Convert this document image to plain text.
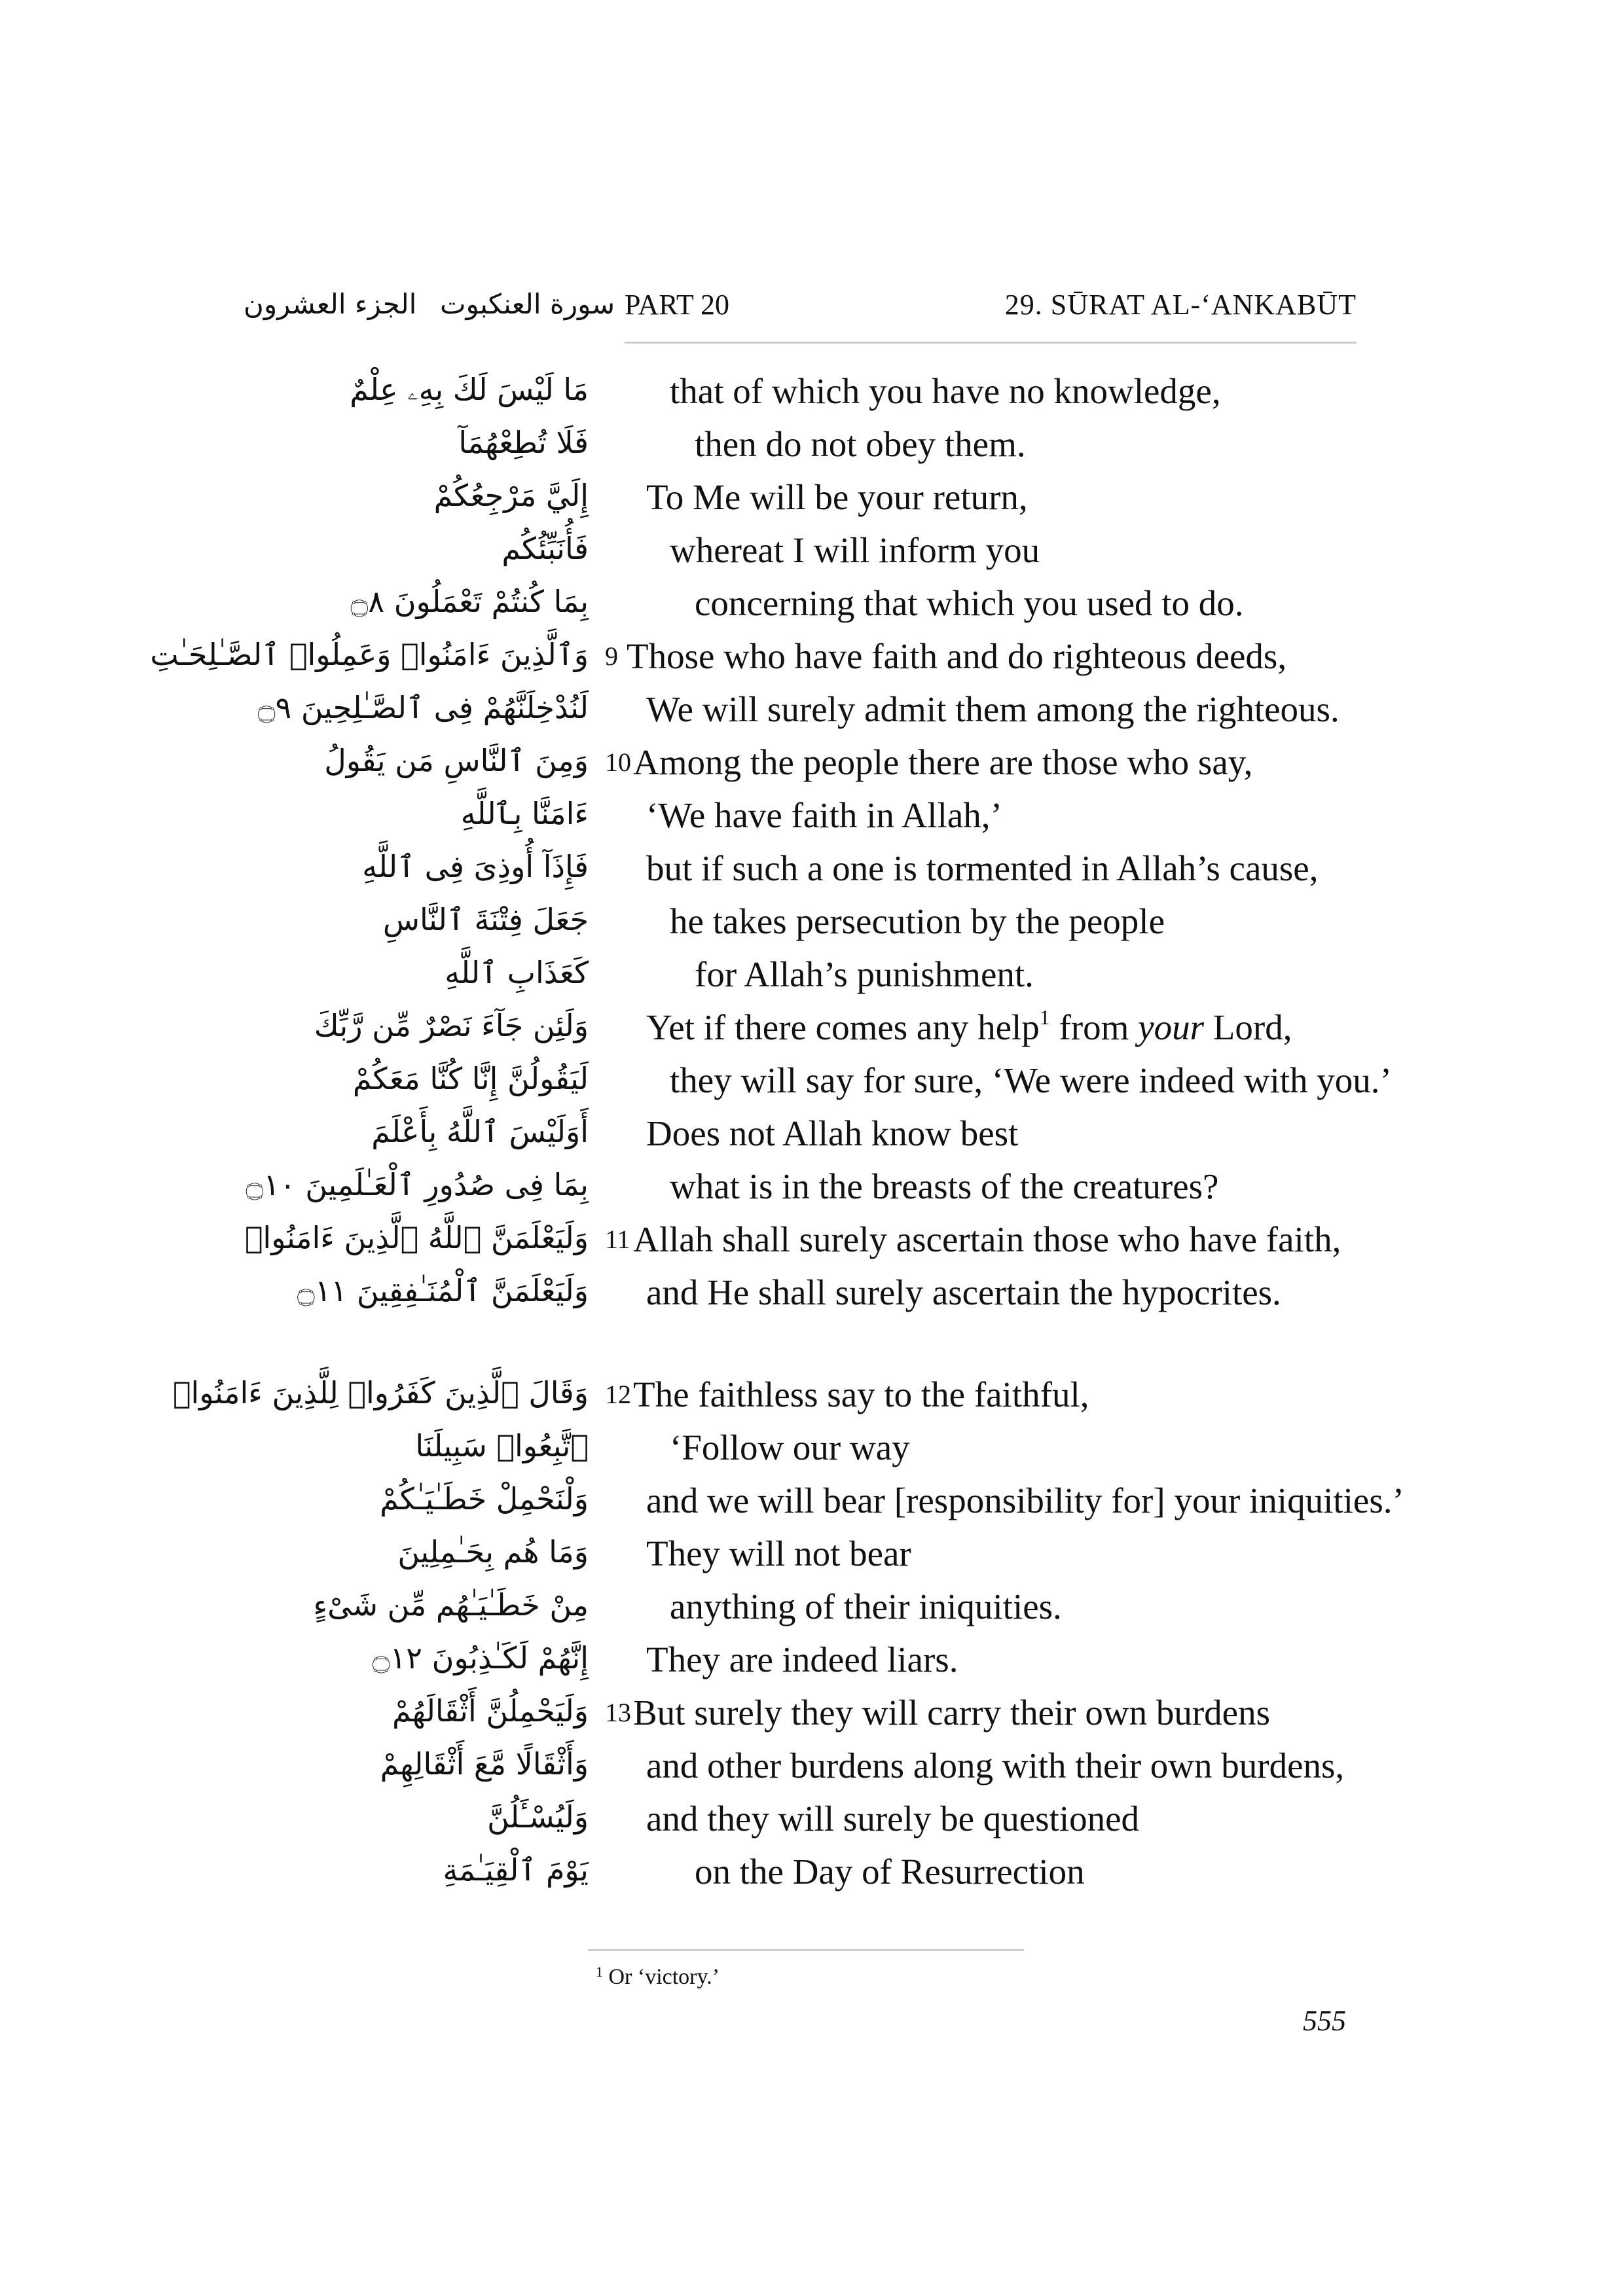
الجزء العشرون سورة العنكبوت PART 20	29. SŪRAT AL-‘ANKABŪT
مَا لَيْسَ لَكَ بِهِۦ عِلْمٌ that of which you have no knowledge,
فَلَا تُطِعْهُمَآ	then do not obey them.
إِلَيَّ مَرْجِعُكُمْ To Me will be your return,
فَأُنَبِّئُكُم whereat I will inform you
بِمَا كُنتُمْ تَعْمَلُونَ ۝٨	concerning that which you used to do.
وَٱلَّذِينَ ءَامَنُوا۟ وَعَمِلُوا۟ ٱلصَّـٰلِحَـٰتِ 9 Those who have faith and do righteous deeds,
لَنُدْخِلَنَّهُمْ فِى ٱلصَّـٰلِحِينَ ۝٩ We will surely admit them among the righteous.
وَمِنَ ٱلنَّاسِ مَن يَقُولُ 10 Among the people there are those who say,
ءَامَنَّا بِٱللَّهِ ‘We have faith in Allah,’
فَإِذَآ أُوذِىَ فِى ٱللَّهِ but if such a one is tormented in Allah’s cause,
جَعَلَ فِتْنَةَ ٱلنَّاسِ he takes persecution by the people
كَعَذَابِ ٱللَّهِ	for Allah’s punishment.
وَلَئِن جَآءَ نَصْرٌ مِّن رَّبِّكَ Yet if there comes any help$^1$ from your Lord,
لَيَقُولُنَّ إِنَّا كُنَّا مَعَكُمْ they will say for sure, ‘We were indeed with you.’
أَوَلَيْسَ ٱللَّهُ بِأَعْلَمَ Does not Allah know best
بِمَا فِى صُدُورِ ٱلْعَـٰلَمِينَ ۝١٠ what is in the breasts of the creatures?
وَلَيَعْلَمَنَّ ٱللَّهُ ٱلَّذِينَ ءَامَنُوا۟ 11 Allah shall surely ascertain those who have faith,
وَلَيَعْلَمَنَّ ٱلْمُنَـٰفِقِينَ ۝١١ and He shall surely ascertain the hypocrites.
وَقَالَ ٱلَّذِينَ كَفَرُوا۟ لِلَّذِينَ ءَامَنُوا۟ 12 The faithless say to the faithful,
ٱتَّبِعُوا۟ سَبِيلَنَا ‘Follow our way
وَلْنَحْمِلْ خَطَـٰيَـٰكُمْ and we will bear [responsibility for] your iniquities.’
وَمَا هُم بِحَـٰمِلِينَ They will not bear
مِنْ خَطَـٰيَـٰهُم مِّن شَىْءٍ anything of their iniquities.
إِنَّهُمْ لَكَـٰذِبُونَ ۝١٢ They are indeed liars.
وَلَيَحْمِلُنَّ أَثْقَالَهُمْ 13 But surely they will carry their own burdens
وَأَثْقَالًا مَّعَ أَثْقَالِهِمْ and other burdens along with their own burdens,
وَلَيُسْـَٔلُنَّ and they will surely be questioned
يَوْمَ ٱلْقِيَـٰمَةِ	on the Day of Resurrection
$^1$ Or ‘victory.’
555
